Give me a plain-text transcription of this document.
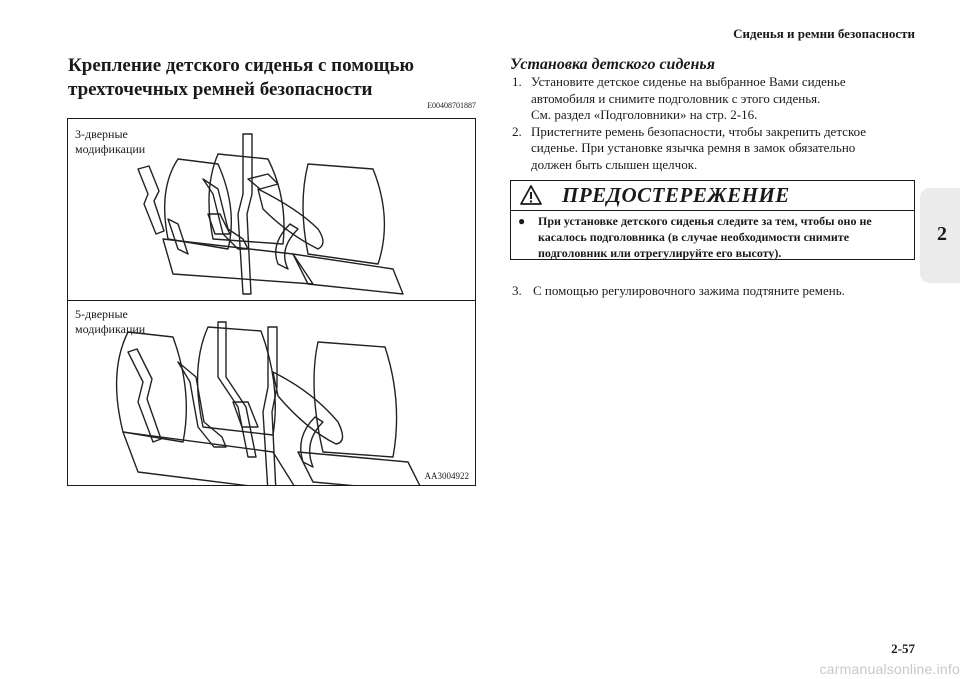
Сиденья и ремни безопасности
2
Крепление детского сиденья с помощью
трехточечных ремней безопасности
E00408701887
3-дверные
модификации
5-дверные
модификации
AA3004922
Установка детского сиденья
1. Установите детское сиденье на выбранное Вами сиденье
автомобиля и снимите подголовник с этого сиденья.
См. раздел «Подголовники» на стр. 2-16.
2. Пристегните ремень безопасности, чтобы закрепить детское
сиденье. При установке язычка ремня в замок обязательно
должен быть слышен щелчок.
ПРЕДОСТЕРЕЖЕНИЕ
●	При установке детского сиденья следите за тем, чтобы оно не
касалось подголовника (в случае необходимости снимите
подголовник или отрегулируйте его высоту).
3. С помощью регулировочного зажима подтяните ремень.
2-57
carmanualsonline.info
